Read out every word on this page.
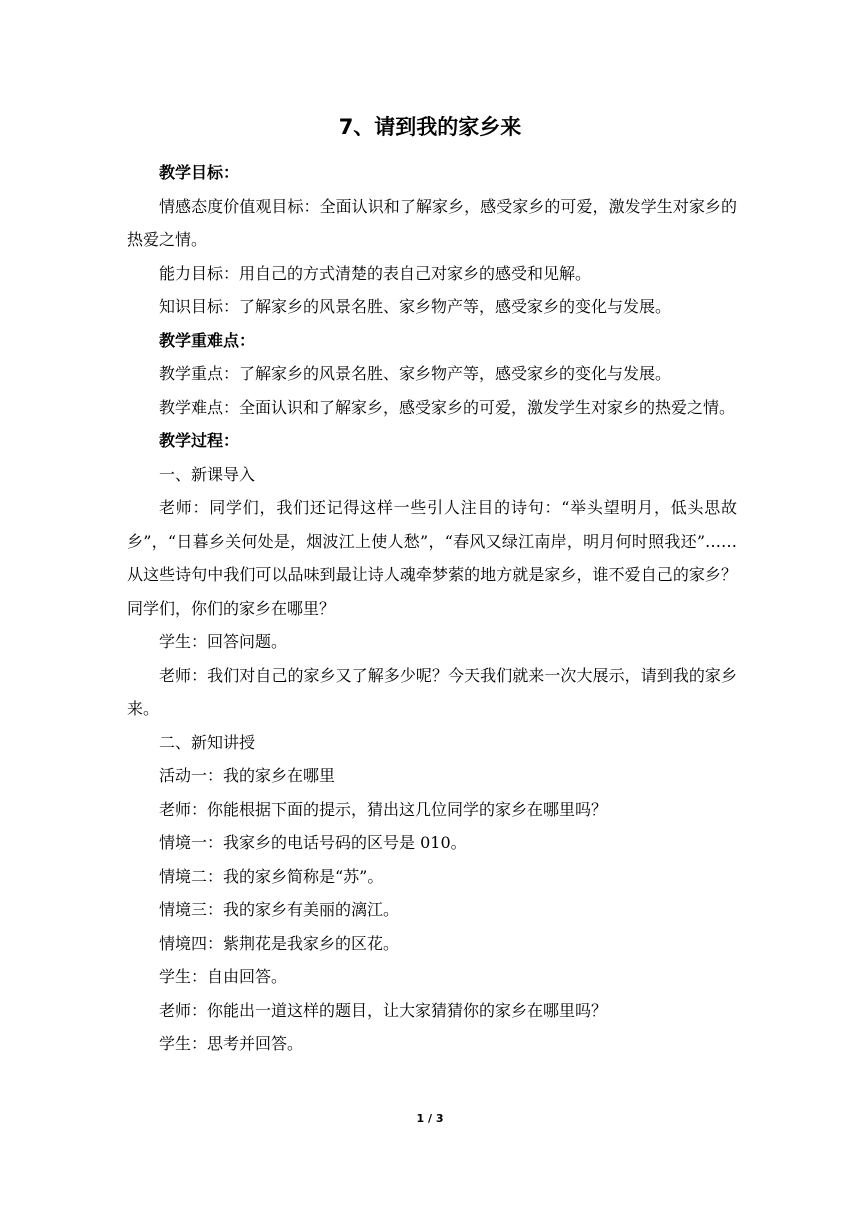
7、请到我的家乡来

教学目标：

情感态度价值观目标：全面认识和了解家乡，感受家乡的可爱，激发学生对家乡的热爱之情。

能力目标：用自己的方式清楚的表自己对家乡的感受和见解。

知识目标：了解家乡的风景名胜、家乡物产等，感受家乡的变化与发展。

教学重难点：

教学重点：了解家乡的风景名胜、家乡物产等，感受家乡的变化与发展。

教学难点：全面认识和了解家乡，感受家乡的可爱，激发学生对家乡的热爱之情。

教学过程：

一、新课导入

老师：同学们，我们还记得这样一些引人注目的诗句：“举头望明月，低头思故乡”，“日暮乡关何处是，烟波江上使人愁”，“春风又绿江南岸，明月何时照我还”……从这些诗句中我们可以品味到最让诗人魂牵梦萦的地方就是家乡，谁不爱自己的家乡？同学们，你们的家乡在哪里？

学生：回答问题。

老师：我们对自己的家乡又了解多少呢？今天我们就来一次大展示，请到我的家乡来。

二、新知讲授

活动一：我的家乡在哪里

老师：你能根据下面的提示，猜出这几位同学的家乡在哪里吗？

情境一：我家乡的电话号码的区号是 010。

情境二：我的家乡简称是“苏”。

情境三：我的家乡有美丽的漓江。

情境四：紫荆花是我家乡的区花。

学生：自由回答。

老师：你能出一道这样的题目，让大家猜猜你的家乡在哪里吗？

学生：思考并回答。

1 / 3
